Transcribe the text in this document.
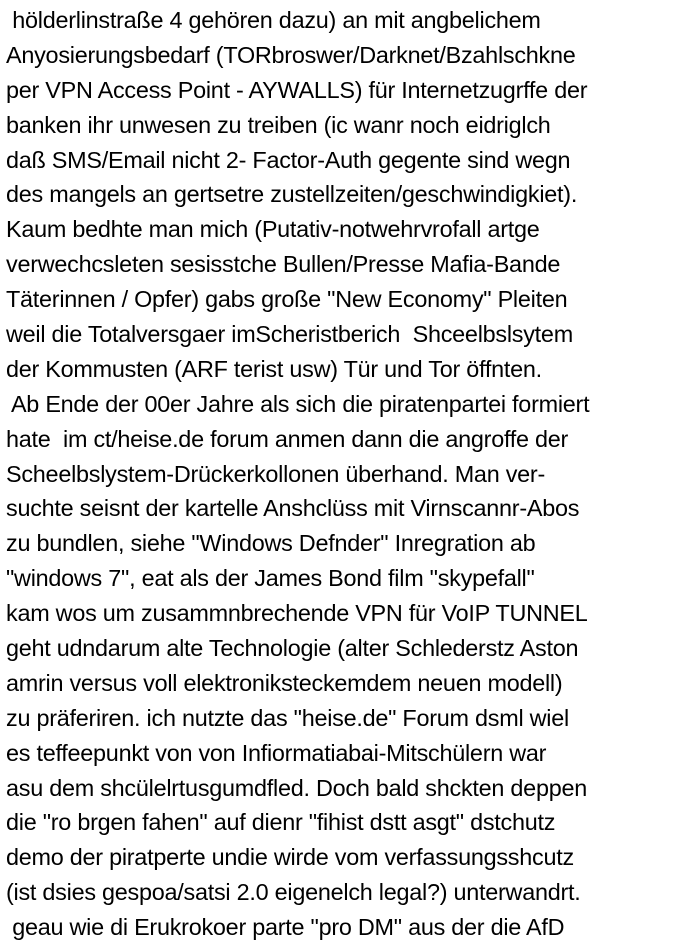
hölderlinstraße 4 gehören dazu) an mit angbelichem
Anyosierungsbedarf (TORbroswer/Darknet/Bzahlschkne
per VPN Access Point - AYWALLS) für Internetzugrffe der
banken ihr unwesen zu treiben (ic wanr noch eidriglch
daß SMS/Email nicht 2- Factor-Auth gegente sind wegn
des mangels an gertsetre zustellzeiten/geschwindigkiet).
Kaum bedhte man mich (Putativ-notwehrvrofall artge
verwechcsleten sesisstche Bullen/Presse Mafia-Bande
Täterinnen / Opfer) gabs große "New Economy" Pleiten
weil die Totalversgaer imScheristberich  Shceelbslsytem
der Kommusten (ARF terist usw) Tür und Tor öffnten.
Ab Ende der 00er Jahre als sich die piratenpartei formiert
hate  im ct/heise.de forum anmen dann die angroffe der
Scheelbslystem-Drückerkollonen überhand. Man ver-
suchte seisnt der kartelle Anshclüss mit Virnscannr-Abos
zu bundlen, siehe "Windows Defnder" Inregration ab
"windows 7", eat als der James Bond film "skypefall"
kam wos um zusammnbrechende VPN für VoIP TUNNEL
geht udndarum alte Technologie (alter Schlederstz Aston
amrin versus voll elektroniksteckemdem neuen modell)
zu präferiren. ich nutzte das "heise.de" Forum dsml wiel
es teffeepunkt von von Infiormatiabai-Mitschülern war
asu dem shcülelrtusgumdfled. Doch bald shckten deppen
die "ro brgen fahen" auf dienr "fihist dstt asgt" dstchutz
demo der piratperte undie wirde vom verfassungsshcutz
(ist dsies gespoa/satsi 2.0 eigenelch legal?) unterwandrt.
geau wie di Erukrokoer parte "pro DM" aus der die AfD
